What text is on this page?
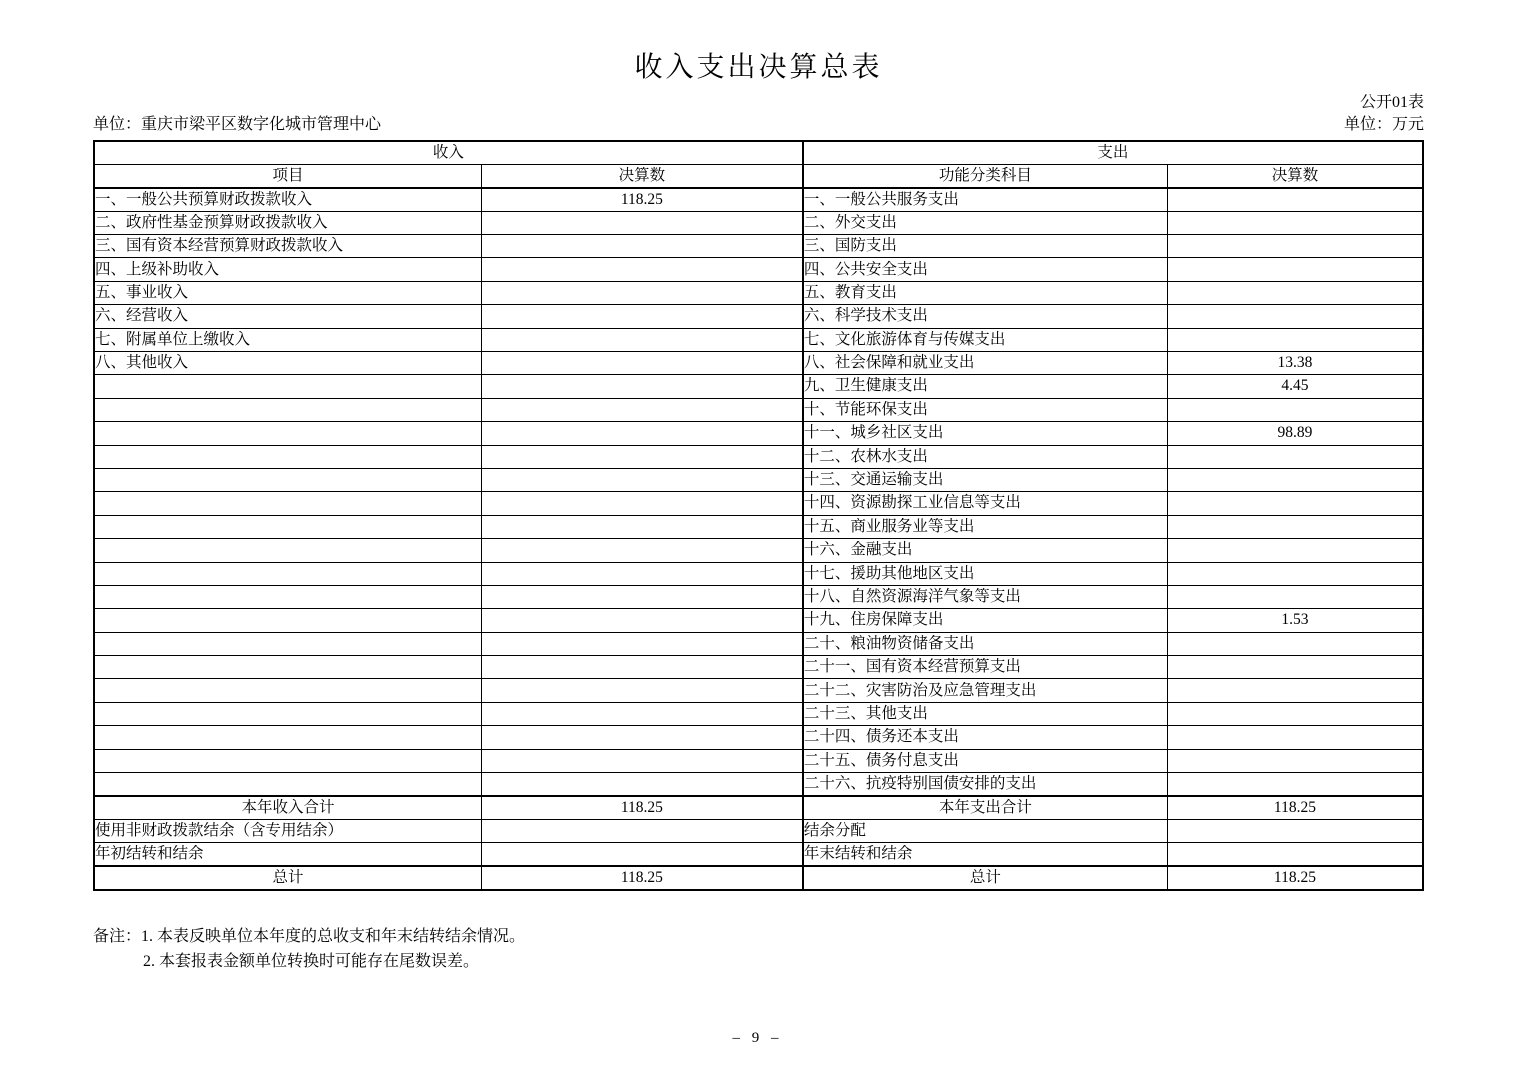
收入支出决算总表
公开01表
单位：重庆市梁平区数字化城市管理中心	单位：万元
收入		支出	
项目	决算数	功能分类科目	决算数
一、一般公共预算财政拨款收入	118.25	一、一般公共服务支出	
二、政府性基金预算财政拨款收入		二、外交支出	
三、国有资本经营预算财政拨款收入		三、国防支出	
四、上级补助收入		四、公共安全支出	
五、事业收入		五、教育支出	
六、经营收入		六、科学技术支出	
七、附属单位上缴收入		七、文化旅游体育与传媒支出	
八、其他收入		八、社会保障和就业支出	13.38
		九、卫生健康支出	4.45
		十、节能环保支出	
		十一、城乡社区支出	98.89
		十二、农林水支出	
		十三、交通运输支出	
		十四、资源勘探工业信息等支出	
		十五、商业服务业等支出	
		十六、金融支出	
		十七、援助其他地区支出	
		十八、自然资源海洋气象等支出	
		十九、住房保障支出	1.53
		二十、粮油物资储备支出	
		二十一、国有资本经营预算支出	
		二十二、灾害防治及应急管理支出	
		二十三、其他支出	
		二十四、债务还本支出	
		二十五、债务付息支出	
		二十六、抗疫特别国债安排的支出	
本年收入合计	118.25	本年支出合计	118.25
使用非财政拨款结余（含专用结余）		结余分配	
年初结转和结余		年末结转和结余	
总计	118.25	总计	118.25
备注：1. 本表反映单位本年度的总收支和年末结转结余情况。
2. 本套报表金额单位转换时可能存在尾数误差。
– 9 –
